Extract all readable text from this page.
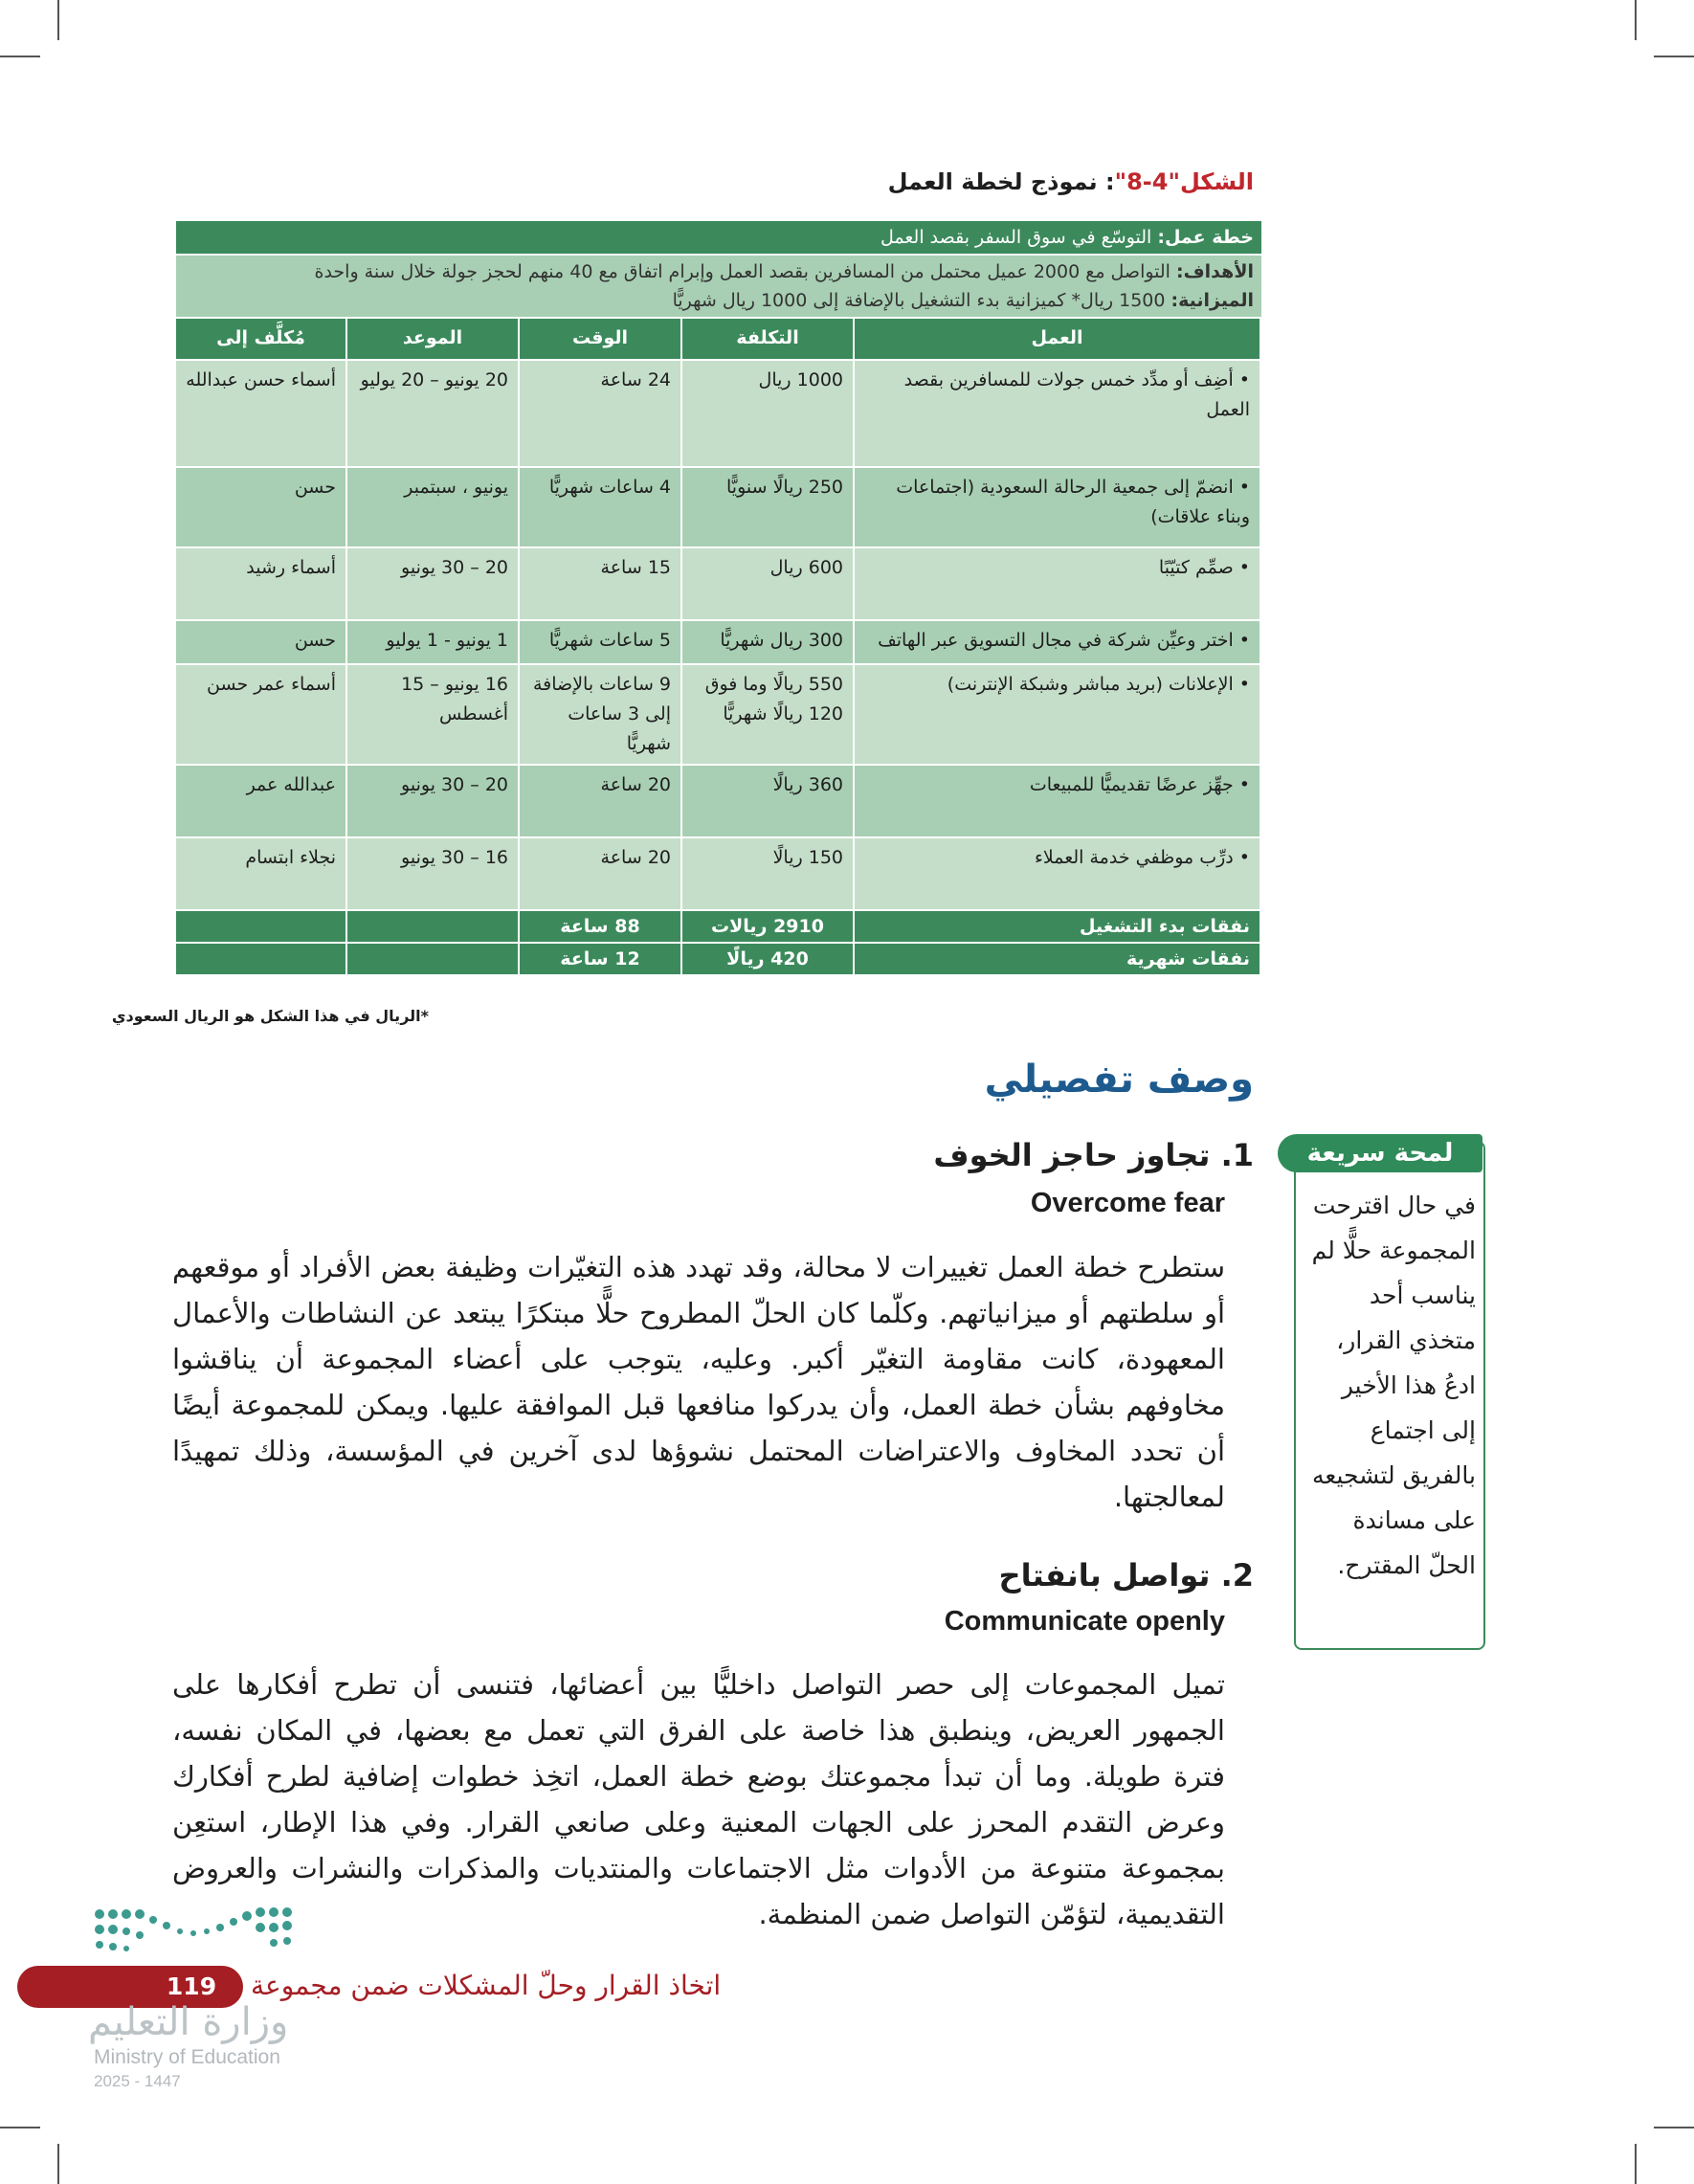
الشكل"4-8": نموذج لخطة العمل
خطة عمل: التوسّع في سوق السفر بقصد العمل
الأهداف: التواصل مع 2000 عميل محتمل من المسافرين بقصد العمل وإبرام اتفاق مع 40 منهم لحجز جولة خلال سنة واحدة
الميزانية: 1500 ريال* كميزانية بدء التشغيل بالإضافة إلى 1000 ريال شهريًّا
العمل	التكلفة	الوقت	الموعد	مُكلَّف إلى
• أضِف أو مدِّد خمس جولات للمسافرين بقصد العمل	1000 ريال	24 ساعة	20 يونيو – 20 يوليو	أسماء حسن عبدالله
• انضمّ إلى جمعية الرحالة السعودية (اجتماعات وبناء علاقات)	250 ريالًا سنويًّا	4 ساعات شهريًّا	يونيو ، سبتمبر	حسن
• صمِّم كتيّبًا	600 ريال	15 ساعة	20 – 30 يونيو	أسماء رشيد
• اختر وعيِّن شركة في مجال التسويق عبر الهاتف	300 ريال شهريًّا	5 ساعات شهريًّا	1 يونيو - 1 يوليو	حسن
• الإعلانات (بريد مباشر وشبكة الإنترنت)	550 ريالًا وما فوق 120 ريالًا شهريًّا	9 ساعات بالإضافة إلى 3 ساعات شهريًّا	16 يونيو – 15 أغسطس	أسماء عمر حسن
• جهِّز عرضًا تقديميًّا للمبيعات	360 ريالًا	20 ساعة	20 – 30 يونيو	عبدالله عمر
• درِّب موظفي خدمة العملاء	150 ريالًا	20 ساعة	16 – 30 يونيو	نجلاء ابتسام
نفقات بدء التشغيل	2910 ريالات	88 ساعة		
نفقات شهرية	420 ريالًا	12 ساعة		
*الريال في هذا الشكل هو الريال السعودي
وصف تفصيلي
1. تجاوز حاجز الخوف
Overcome fear
ستطرح خطة العمل تغييرات لا محالة، وقد تهدد هذه التغيّرات وظيفة بعض الأفراد أو موقعهم أو سلطتهم أو ميزانياتهم. وكلّما كان الحلّ المطروح حلًّا مبتكرًا يبتعد عن النشاطات والأعمال المعهودة، كانت مقاومة التغيّر أكبر. وعليه، يتوجب على أعضاء المجموعة أن يناقشوا مخاوفهم بشأن خطة العمل، وأن يدركوا منافعها قبل الموافقة عليها. ويمكن للمجموعة أيضًا أن تحدد المخاوف والاعتراضات المحتمل نشوؤها لدى آخرين في المؤسسة، وذلك تمهيدًا لمعالجتها.
2. تواصل بانفتاح
Communicate openly
تميل المجموعات إلى حصر التواصل داخليًّا بين أعضائها، فتنسى أن تطرح أفكارها على الجمهور العريض، وينطبق هذا خاصة على الفرق التي تعمل مع بعضها، في المكان نفسه، فترة طويلة. وما أن تبدأ مجموعتك بوضع خطة العمل، اتخِذ خطوات إضافية لطرح أفكارك وعرض التقدم المحرز على الجهات المعنية وعلى صانعي القرار. وفي هذا الإطار، استعِن بمجموعة متنوعة من الأدوات مثل الاجتماعات والمنتديات والمذكرات والنشرات والعروض التقديمية، لتؤمّن التواصل ضمن المنظمة.
لمحة سريعة
في حال اقترحت المجموعة حلًّا لم يناسب أحد متخذي القرار، ادعُ هذا الأخير إلى اجتماع بالفريق لتشجيعه على مساندة الحلّ المقترح.
119 اتخاذ القرار وحلّ المشكلات ضمن مجموعة
وزارة التعليم
Ministry of Education
2025 - 1447
